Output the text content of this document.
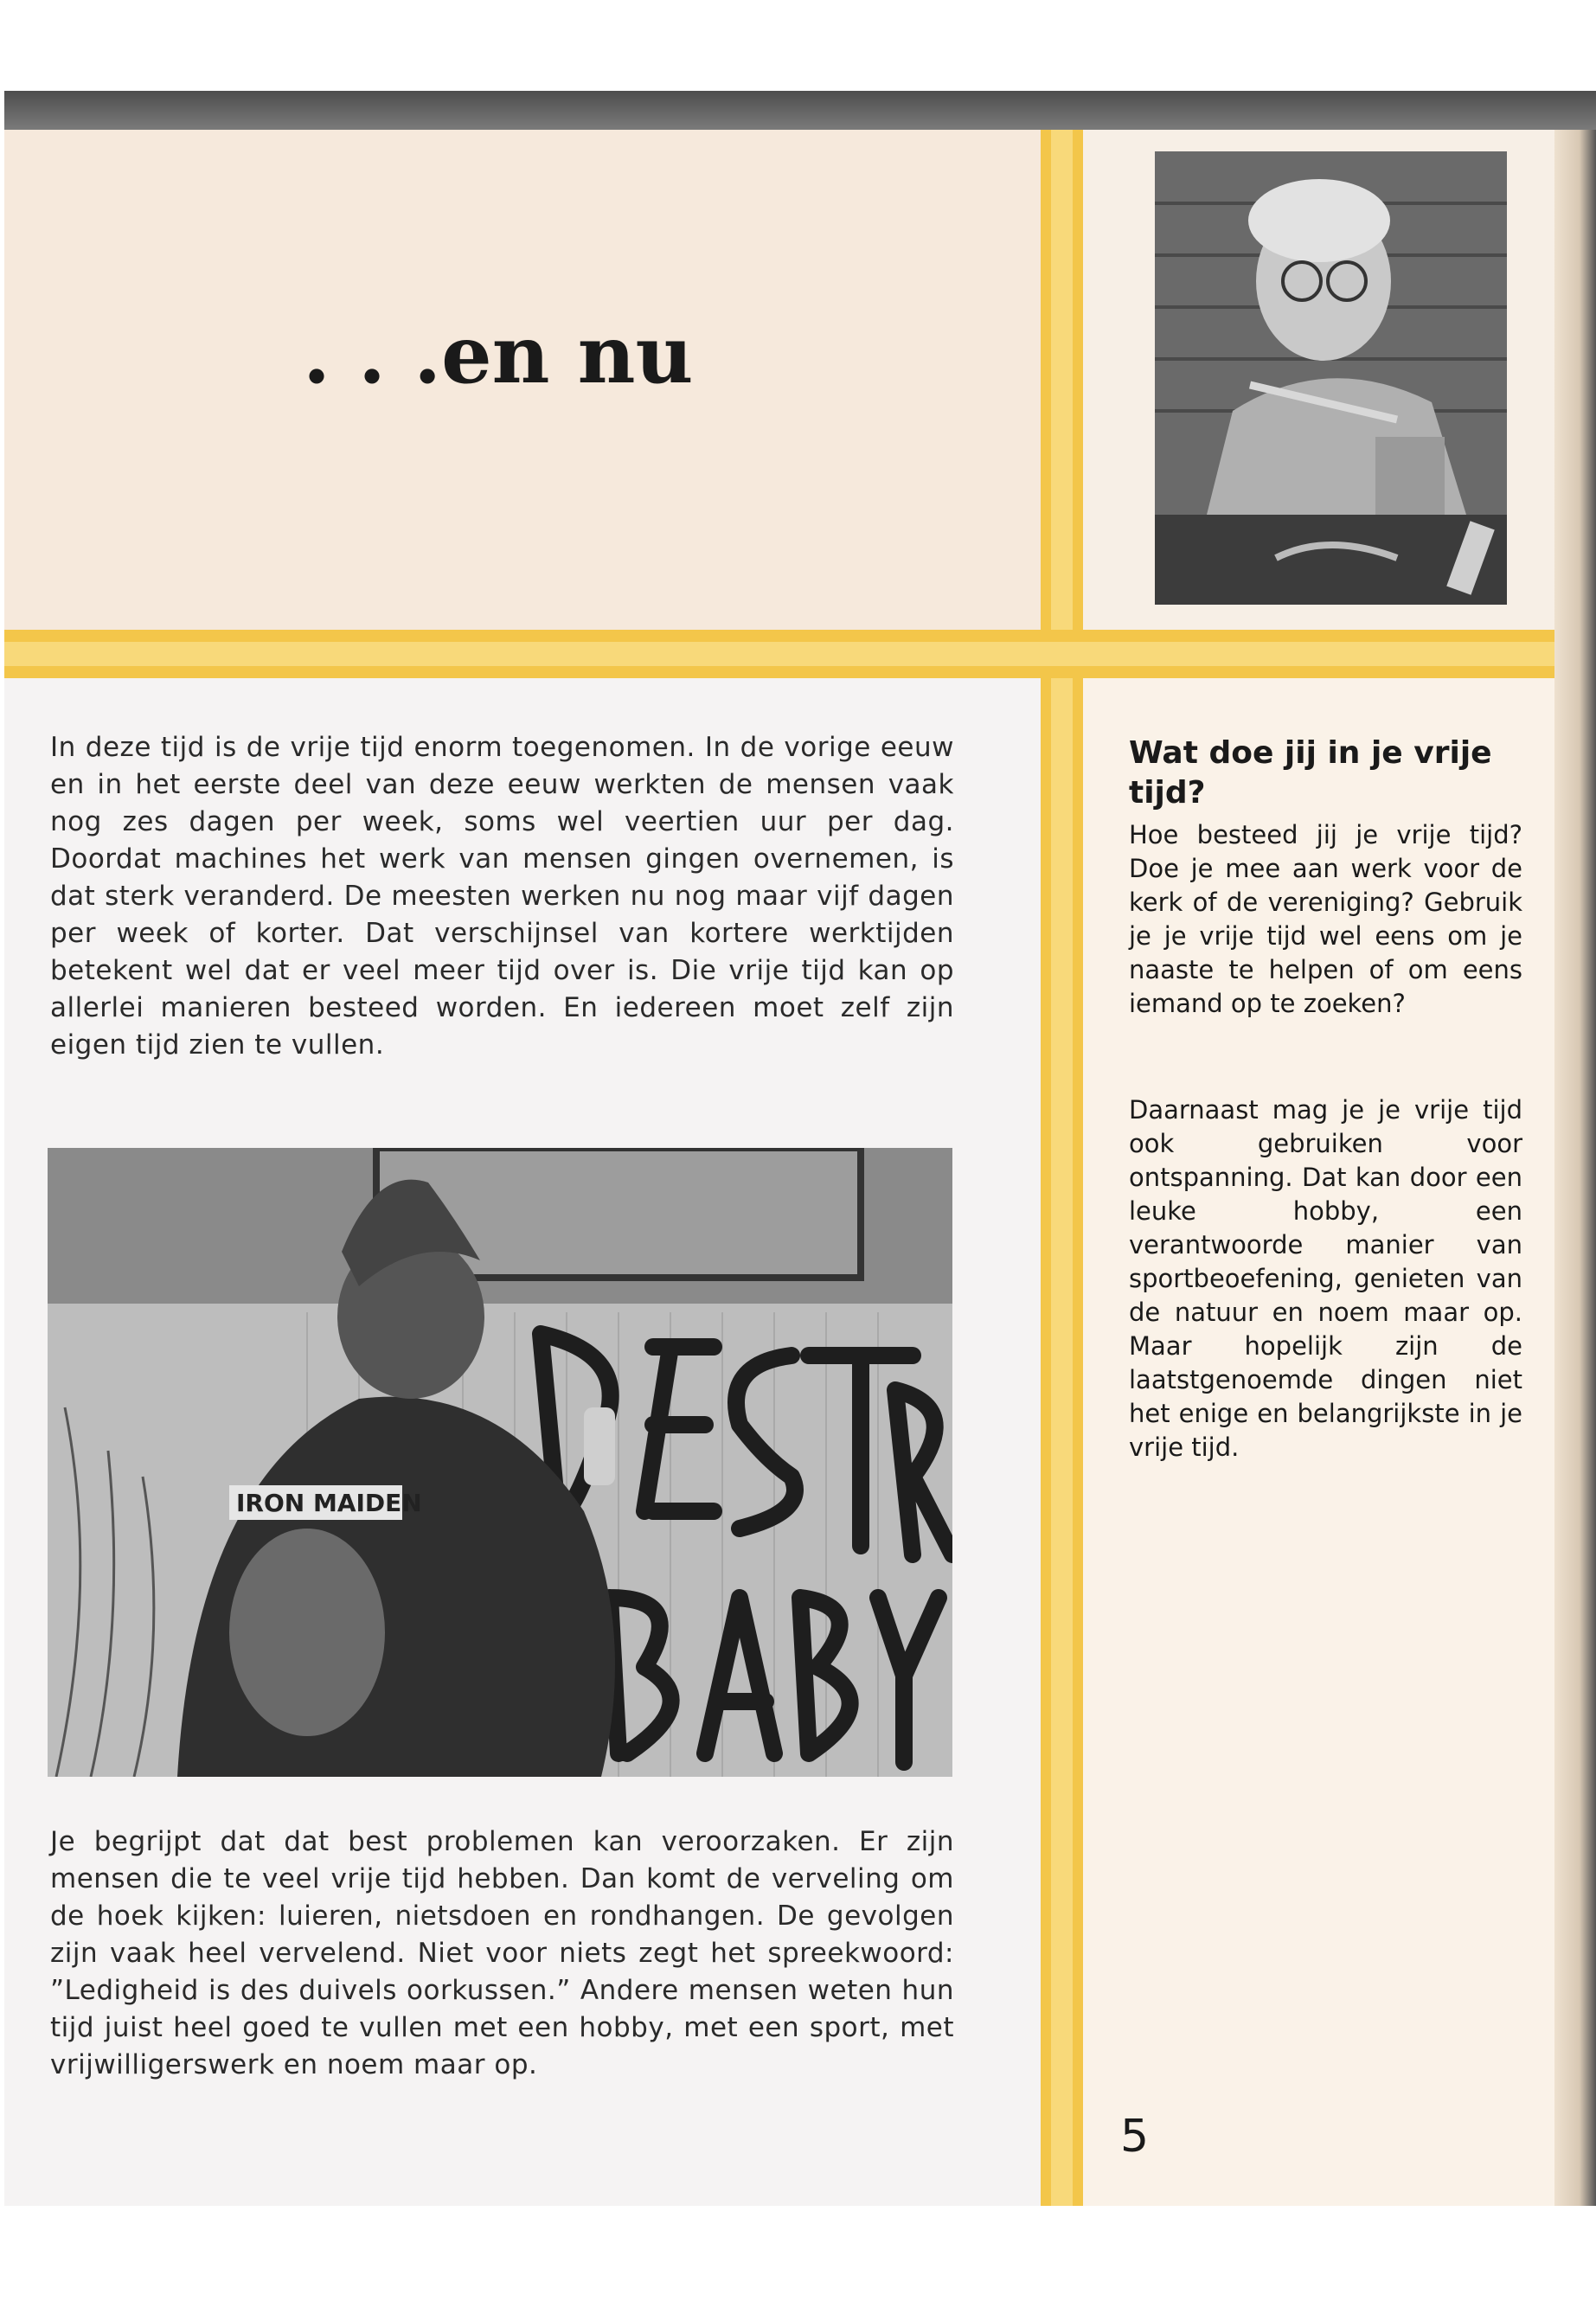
. . .en nu

In deze tijd is de vrije tijd enorm toegenomen. In de vorige eeuw en in het eerste deel van deze eeuw werkten de mensen vaak nog zes dagen per week, soms wel veertien uur per dag. Doordat machines het werk van mensen gingen overnemen, is dat sterk veranderd. De meesten werken nu nog maar vijf dagen per week of korter. Dat verschijnsel van kortere werktijden betekent wel dat er veel meer tijd over is. Die vrije tijd kan op allerlei manieren besteed worden. En iedereen moet zelf zijn eigen tijd zien te vullen.

IRON MAIDEN

Je begrijpt dat dat best problemen kan veroorzaken. Er zijn mensen die te veel vrije tijd hebben. Dan komt de verveling om de hoek kijken: luieren, nietsdoen en rondhangen. De gevolgen zijn vaak heel vervelend. Niet voor niets zegt het spreekwoord: ”Ledigheid is des duivels oorkussen.” Andere mensen weten hun tijd juist heel goed te vullen met een hobby, met een sport, met vrijwilligerswerk en noem maar op.

Wat doe jij in je vrije tijd?

Hoe besteed jij je vrije tijd? Doe je mee aan werk voor de kerk of de vereniging? Gebruik je je vrije tijd wel eens om je naaste te helpen of om eens iemand op te zoeken?

Daarnaast mag je je vrije tijd ook gebruiken voor ontspanning. Dat kan door een leuke hobby, een verantwoorde manier van sportbeoefening, genieten van de natuur en noem maar op. Maar hopelijk zijn de laatstgenoemde dingen niet het enige en belangrijkste in je vrije tijd.

5
